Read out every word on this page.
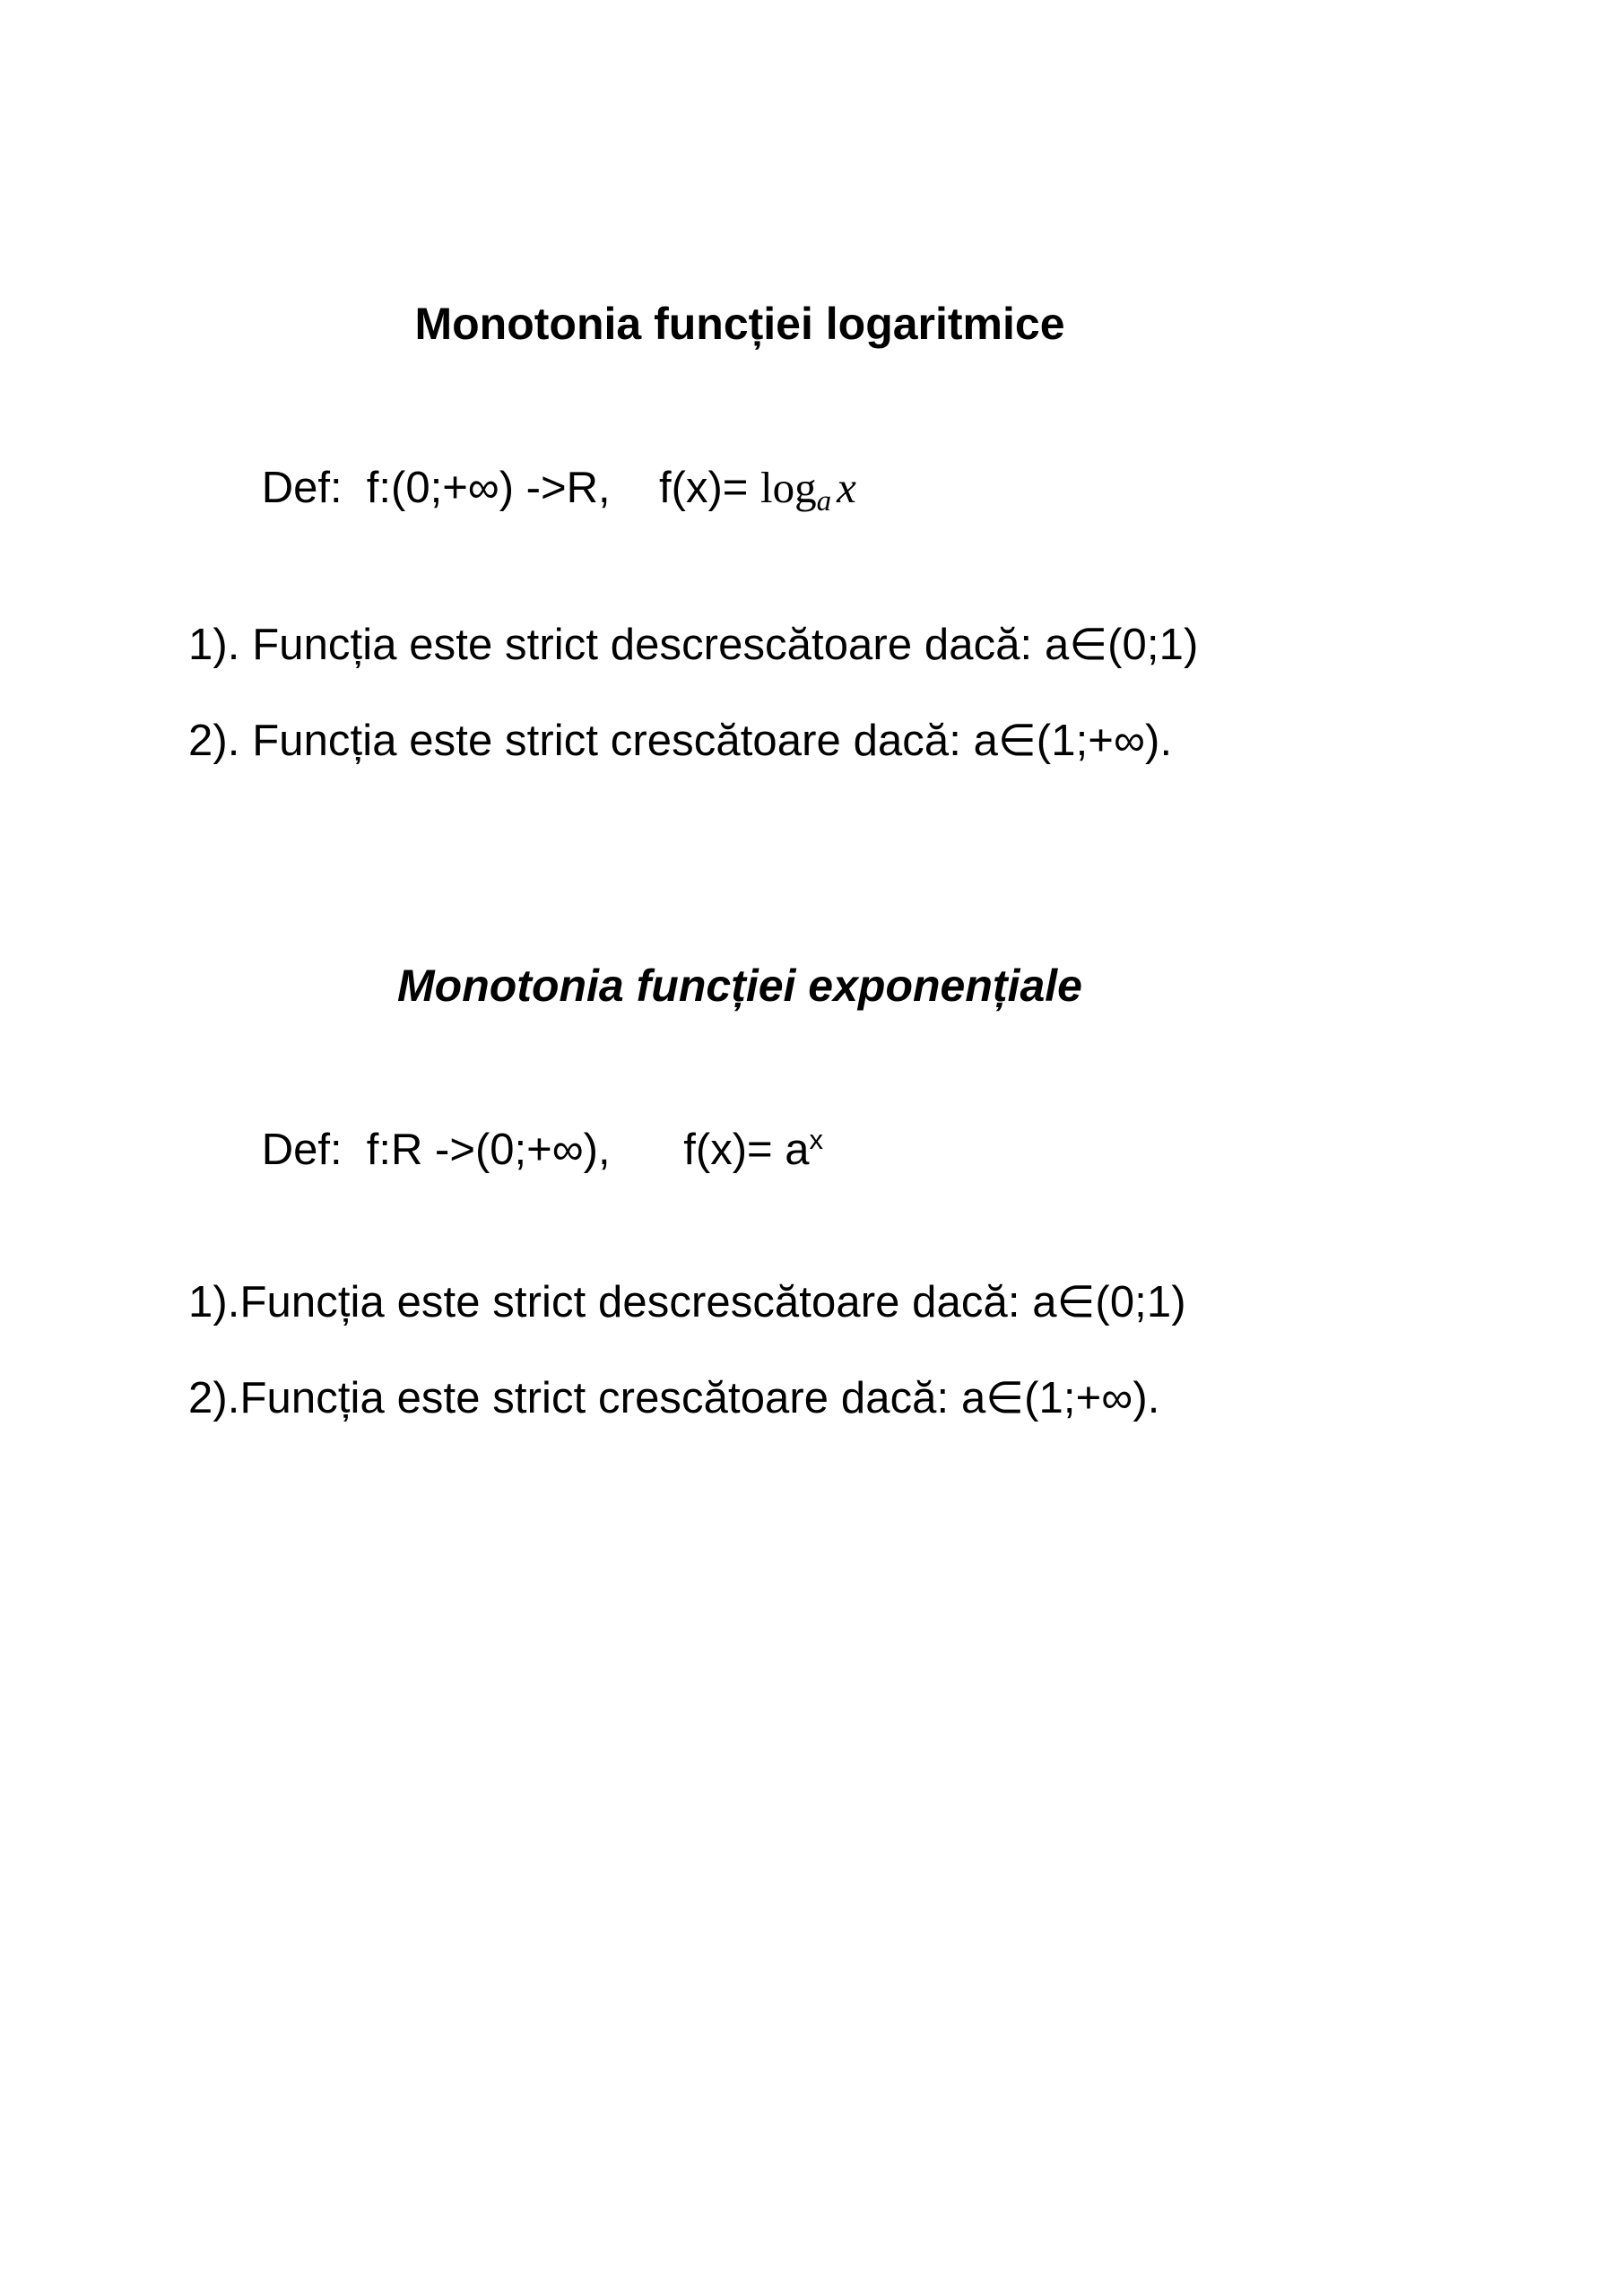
Monotonia funcției logaritmice

Def:  f:(0;+∞) ->R,    $f(x)= \log_a x$

1). Funcția este strict descrescătoare dacă: a∈(0;1)

2). Funcția este strict crescătoare dacă: a∈(1;+∞).

Monotonia funcției exponențiale

Def:  f:R ->(0;+∞),      $f(x)= a^x$

1).Funcția este strict descrescătoare dacă: a∈(0;1)

2).Funcția este strict crescătoare dacă: a∈(1;+∞).
